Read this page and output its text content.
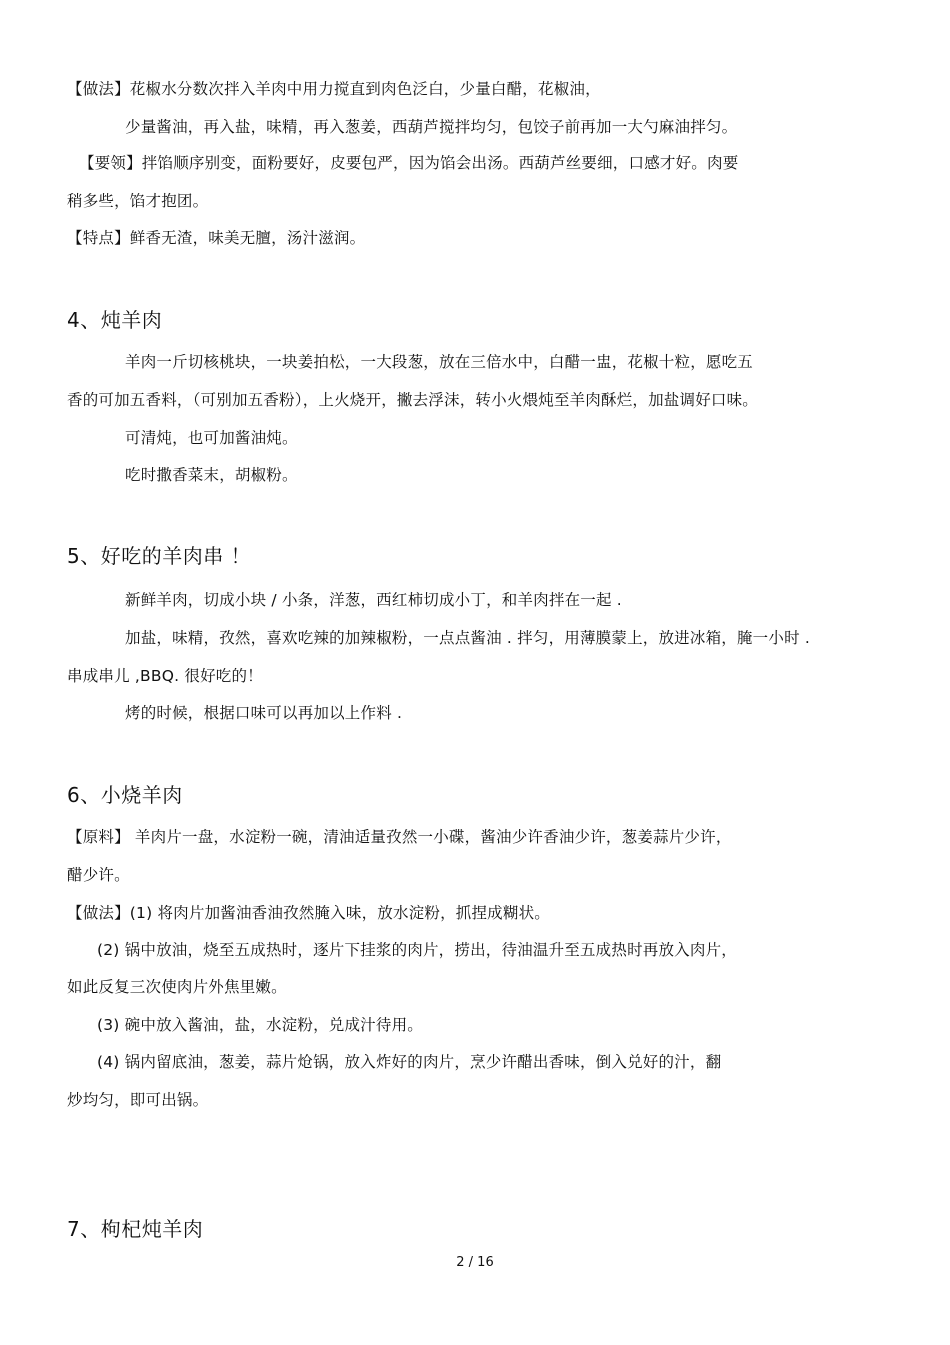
【做法】花椒水分数次拌入羊肉中用力搅直到肉色泛白，少量白醋，花椒油，
少量酱油，再入盐，味精，再入葱姜，西葫芦搅拌均匀，包饺子前再加一大勺麻油拌匀。
【要领】拌馅顺序别变，面粉要好，皮要包严，因为馅会出汤。西葫芦丝要细，口感才好。肉要
稍多些，馅才抱团。
【特点】鲜香无渣，味美无膻，汤汁滋润。
4、炖羊肉
羊肉一斤切核桃块，一块姜拍松，一大段葱，放在三倍水中，白醋一盅，花椒十粒，愿吃五
香的可加五香料，（可别加五香粉），上火烧开，撇去浮沫，转小火煨炖至羊肉酥烂，加盐调好口味。
可清炖，也可加酱油炖。
吃时撒香菜末，胡椒粉。
5、好吃的羊肉串 ！
新鲜羊肉，切成小块 / 小条，洋葱，西红柿切成小丁，和羊肉拌在一起 .
加盐，味精，孜然，喜欢吃辣的加辣椒粉，一点点酱油 . 拌匀，用薄膜蒙上，放进冰箱，腌一小时 .
串成串儿 ,BBQ. 很好吃的！
烤的时候，根据口味可以再加以上作料 .
6、小烧羊肉
【原料】 羊肉片一盘，水淀粉一碗，清油适量孜然一小碟，酱油少许香油少许，葱姜蒜片少许，
醋少许。
【做法】(1) 将肉片加酱油香油孜然腌入味，放水淀粉，抓捏成糊状。
(2) 锅中放油，烧至五成热时，逐片下挂浆的肉片，捞出，待油温升至五成热时再放入肉片，
如此反复三次使肉片外焦里嫩。
(3) 碗中放入酱油，盐，水淀粉，兑成汁待用。
(4) 锅内留底油，葱姜，蒜片炝锅，放入炸好的肉片，烹少许醋出香味，倒入兑好的汁，翻
炒均匀，即可出锅。
7、枸杞炖羊肉
2 / 16
